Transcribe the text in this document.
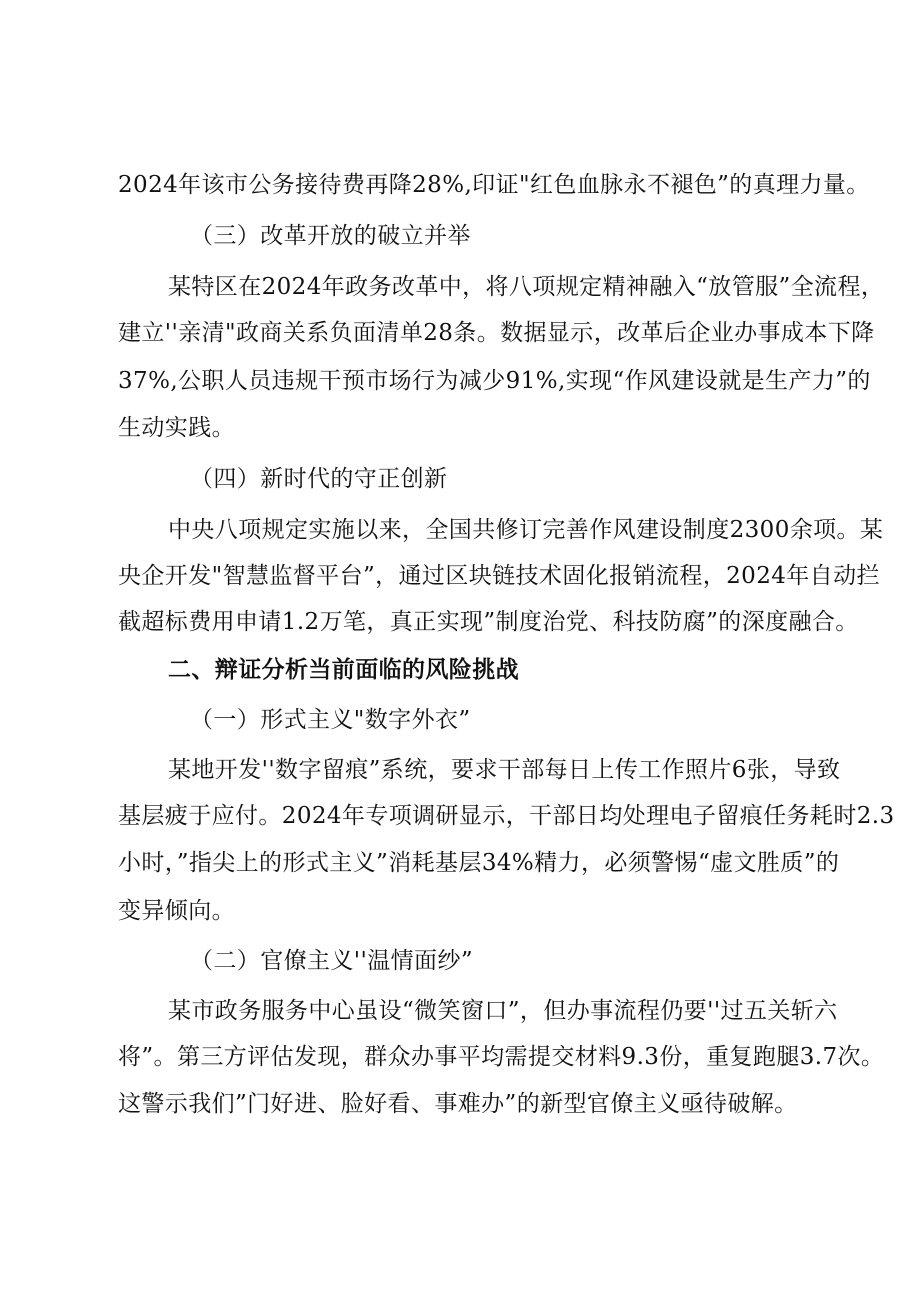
2024年该市公务接待费再降28%,印证"红色血脉永不褪色”的真理力量。
（三）改革开放的破立并举
某特区在2024年政务改革中，将八项规定精神融入“放管服”全流程，
建立''亲清"政商关系负面清单28条。数据显示，改革后企业办事成本下降
37%,公职人员违规干预市场行为减少91%,实现“作风建设就是生产力”的
生动实践。
（四）新时代的守正创新
中央八项规定实施以来，全国共修订完善作风建设制度2300余项。某
央企开发"智慧监督平台”，通过区块链技术固化报销流程，2024年自动拦
截超标费用申请1.2万笔，真正实现”制度治党、科技防腐”的深度融合。
二、辩证分析当前面临的风险挑战
（一）形式主义"数字外衣”
某地开发''数字留痕”系统，要求干部每日上传工作照片6张，导致
基层疲于应付。2024年专项调研显示，干部日均处理电子留痕任务耗时2.3
小时，”指尖上的形式主义”消耗基层34%精力，必须警惕“虚文胜质”的
变异倾向。
（二）官僚主义''温情面纱”
某市政务服务中心虽设“微笑窗口”，但办事流程仍要''过五关斩六
将”。第三方评估发现，群众办事平均需提交材料9.3份，重复跑腿3.7次。
这警示我们”门好进、脸好看、事难办”的新型官僚主义亟待破解。
